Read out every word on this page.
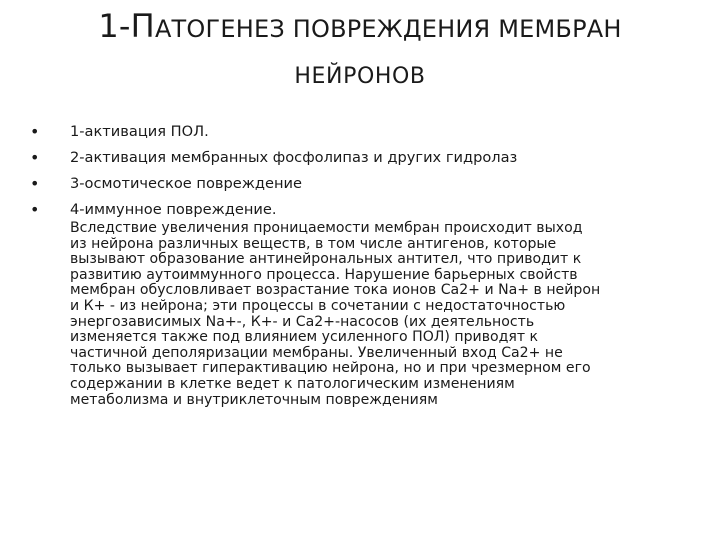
1-ПАТОГЕНЕЗ ПОВРЕЖДЕНИЯ МЕМБРАН
НЕЙРОНОВ
• 1-активация ПОЛ.
• 2-активация мембранных фосфолипаз и других гидролаз
• 3-осмотическое повреждение
• 4-иммунное повреждение.

Вследствие увеличения проницаемости мембран происходит выход
из нейрона различных веществ, в том числе антигенов, которые
вызывают образование антинейрональных антител, что приводит к
развитию аутоиммунного процесса. Нарушение барьерных свойств
мембран обусловливает возрастание тока ионов Са2+ и Na+ в нейрон
и К+ - из нейрона; эти процессы в сочетании с недостаточностью
энергозависимых Na+-, К+- и Са2+-насосов (их деятельность
изменяется также под влиянием усиленного ПОЛ) приводят к
частичной деполяризации мембраны. Увеличенный вход Са2+ не
только вызывает гиперактивацию нейрона, но и при чрезмерном его
содержании в клетке ведет к патологическим изменениям
метаболизма и внутриклеточным повреждениям
